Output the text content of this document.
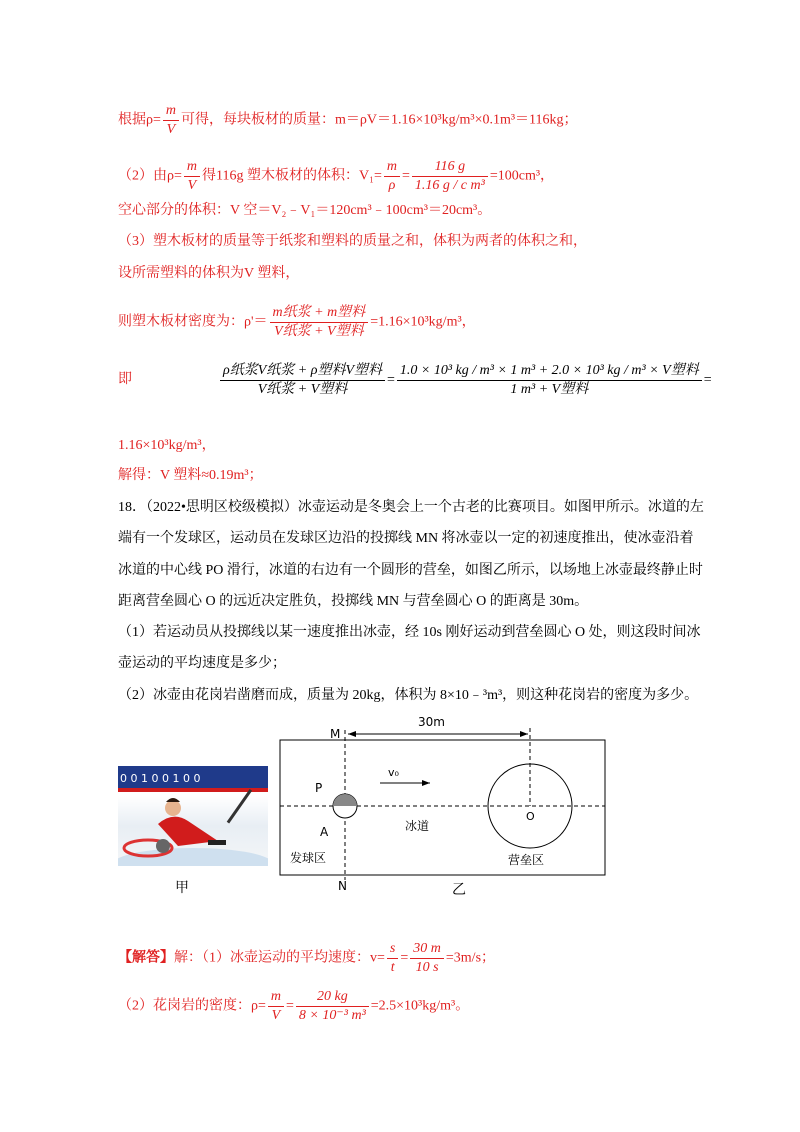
根据$\rho= \frac{m}{V}$ 可得，每块板材的质量：m＝ρV＝1.16×10³kg/m³×0.1m³＝116kg；
（2）由$\rho= \frac{m}{V}$ 得116g 塑木板材的体积：$V_1= \frac{m}{\rho} = \frac{116 g}{\text{1.16 g / c m³}} =100cm^3$，
空心部分的体积：V 空＝V₂﹣V₁＝120cm³﹣100cm³＝20cm³。
（3）塑木板材的质量等于纸浆和塑料的质量之和，体积为两者的体积之和，
设所需塑料的体积为V 塑料，
则塑木板材密度为：$\rho'= \frac{\text{m纸浆 + m塑料}}{\text{V纸浆 + V塑料}} =1.16\times 10^3kg/m^3$，
即	$\frac{\text{ρ纸浆V纸浆 + ρ塑料V塑料}}{\text{V纸浆 + V塑料}} = \frac{\text{1.0 × 10³ kg / m³ × 1 m³ + 2.0 × 10³ kg / m³ × V塑料}}{\text{1 m³ + V塑料}}$ =
1.16×10³kg/m³，
解得：V 塑料≈0.19m³；
18．（2022•思明区校级模拟）冰壶运动是冬奥会上一个古老的比赛项目。如图甲所示。冰道的左
端有一个发球区，运动员在发球区边沿的投掷线 MN 将冰壶以一定的初速度推出，使冰壶沿着
冰道的中心线 PO 滑行，冰道的右边有一个圆形的营垒，如图乙所示，以场地上冰壶最终静止时
距离营垒圆心 O 的远近决定胜负，投掷线 MN 与营垒圆心 O 的距离是 30m。
（1）若运动员从投掷线以某一速度推出冰壶，经 10s 刚好运动到营垒圆心 O 处，则这段时间冰
壶运动的平均速度是多少；
（2）冰壶由花岗岩凿磨而成，质量为 20kg，体积为 8×10﹣³m³，则这种花岗岩的密度为多少。
0 0 1 0 0 1 0 0
甲
M
N
P
A
O
v₀
30m
冰道
发球区	营垒区
乙
【解答】解：（1）冰壶运动的平均速度：$v= \frac{s}{t} = \frac{30 m}{10 s} =3m/s$；
（2）花岗岩的密度：$\rho= \frac{m}{V} = \frac{20 kg}{\text{8 × 10⁻³ m³}} =2.5\times 10^3kg/m^3$。
